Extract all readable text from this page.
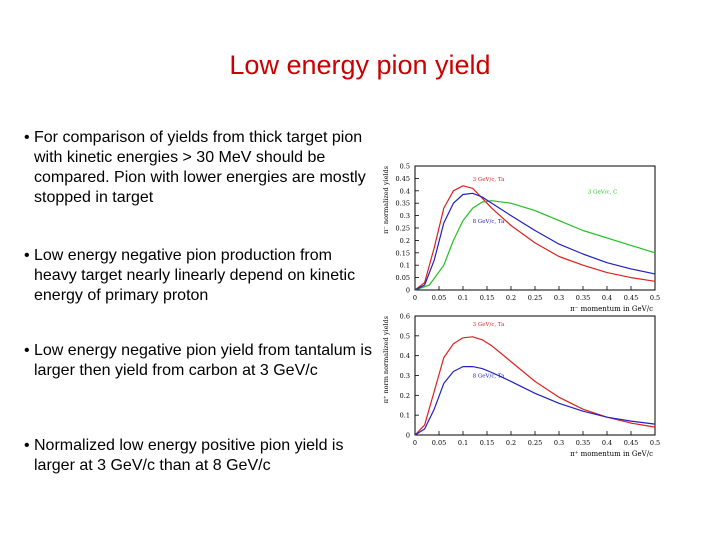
Low energy pion yield
• For comparison of yields from thick target pion with kinetic energies > 30 MeV should be compared. Pion with lower energies are mostly stopped in target
• Low energy negative pion production from heavy target nearly linearly depend on kinetic energy of primary proton
• Low energy negative pion yield from tantalum is larger then yield from carbon at 3 GeV/c
• Normalized low energy positive pion yield is larger at 3 GeV/c than at 8 GeV/c
0 0.05 0.1 0.15 0.2 0.25 0.3 0.35 0.4 0.45 0.5
0
0.05
0.1
0.15
0.2
0.25
0.3
0.35
0.4
0.45
0.5
π⁻ momentum in GeV/c
π⁻ normalized yields	3 GeV/c, Ta
3 GeV/c, C
8 GeV/c, Ta
0 0.05 0.1 0.15 0.2 0.25 0.3 0.35 0.4 0.45 0.5
0
0.1
0.2
0.3
0.4
0.5
0.6
π⁺ momentum in GeV/c
π⁺ norm normalized yields	3 GeV/c, Ta
8 GeV/c, Ta
